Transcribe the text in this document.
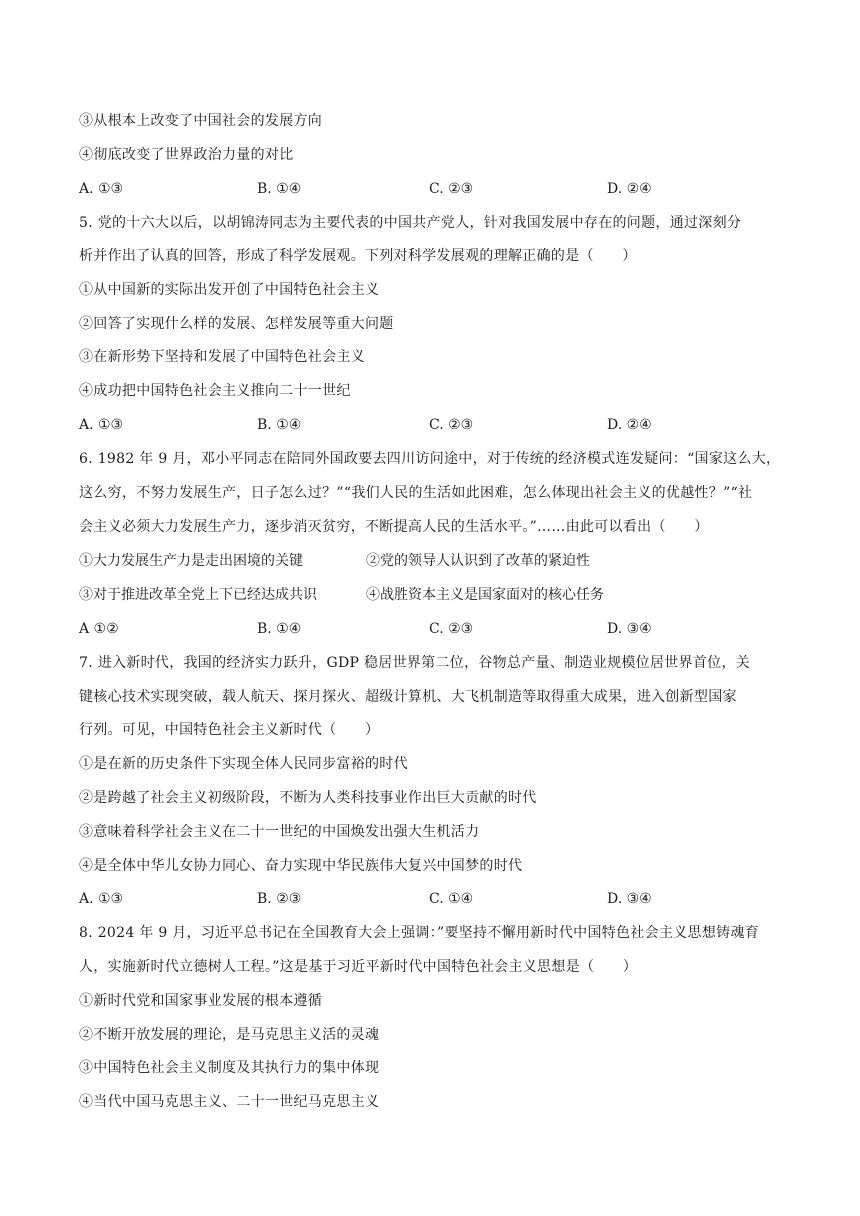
③从根本上改变了中国社会的发展方向
④彻底改变了世界政治力量的对比
A. ①③	B. ①④	C. ②③	D. ②④
5. 党的十六大以后，以胡锦涛同志为主要代表的中国共产党人，针对我国发展中存在的问题，通过深刻分
析并作出了认真的回答，形成了科学发展观。下列对科学发展观的理解正确的是（　　）
①从中国新的实际出发开创了中国特色社会主义
②回答了实现什么样的发展、怎样发展等重大问题
③在新形势下坚持和发展了中国特色社会主义
④成功把中国特色社会主义推向二十一世纪
A. ①③	B. ①④	C. ②③	D. ②④
6. 1982 年 9 月，邓小平同志在陪同外国政要去四川访问途中，对于传统的经济模式连发疑问：“国家这么大，
这么穷，不努力发展生产，日子怎么过？”“我们人民的生活如此困难，怎么体现出社会主义的优越性？”“社
会主义必须大力发展生产力，逐步消灭贫穷，不断提高人民的生活水平。”……由此可以看出（　　）
①大力发展生产力是走出困境的关键	②党的领导人认识到了改革的紧迫性
③对于推进改革全党上下已经达成共识	④战胜资本主义是国家面对的核心任务
A ①②	B. ①④	C. ②③	D. ③④
7. 进入新时代，我国的经济实力跃升，GDP 稳居世界第二位，谷物总产量、制造业规模位居世界首位，关
键核心技术实现突破，载人航天、探月探火、超级计算机、大飞机制造等取得重大成果，进入创新型国家
行列。可见，中国特色社会主义新时代（　　）
①是在新的历史条件下实现全体人民同步富裕的时代
②是跨越了社会主义初级阶段，不断为人类科技事业作出巨大贡献的时代
③意味着科学社会主义在二十一世纪的中国焕发出强大生机活力
④是全体中华儿女协力同心、奋力实现中华民族伟大复兴中国梦的时代
A. ①③	B. ②③	C. ①④	D. ③④
8. 2024 年 9 月，习近平总书记在全国教育大会上强调：”要坚持不懈用新时代中国特色社会主义思想铸魂育
人，实施新时代立德树人工程。”这是基于习近平新时代中国特色社会主义思想是（　　）
①新时代党和国家事业发展的根本遵循
②不断开放发展的理论，是马克思主义活的灵魂
③中国特色社会主义制度及其执行力的集中体现
④当代中国马克思主义、二十一世纪马克思主义
